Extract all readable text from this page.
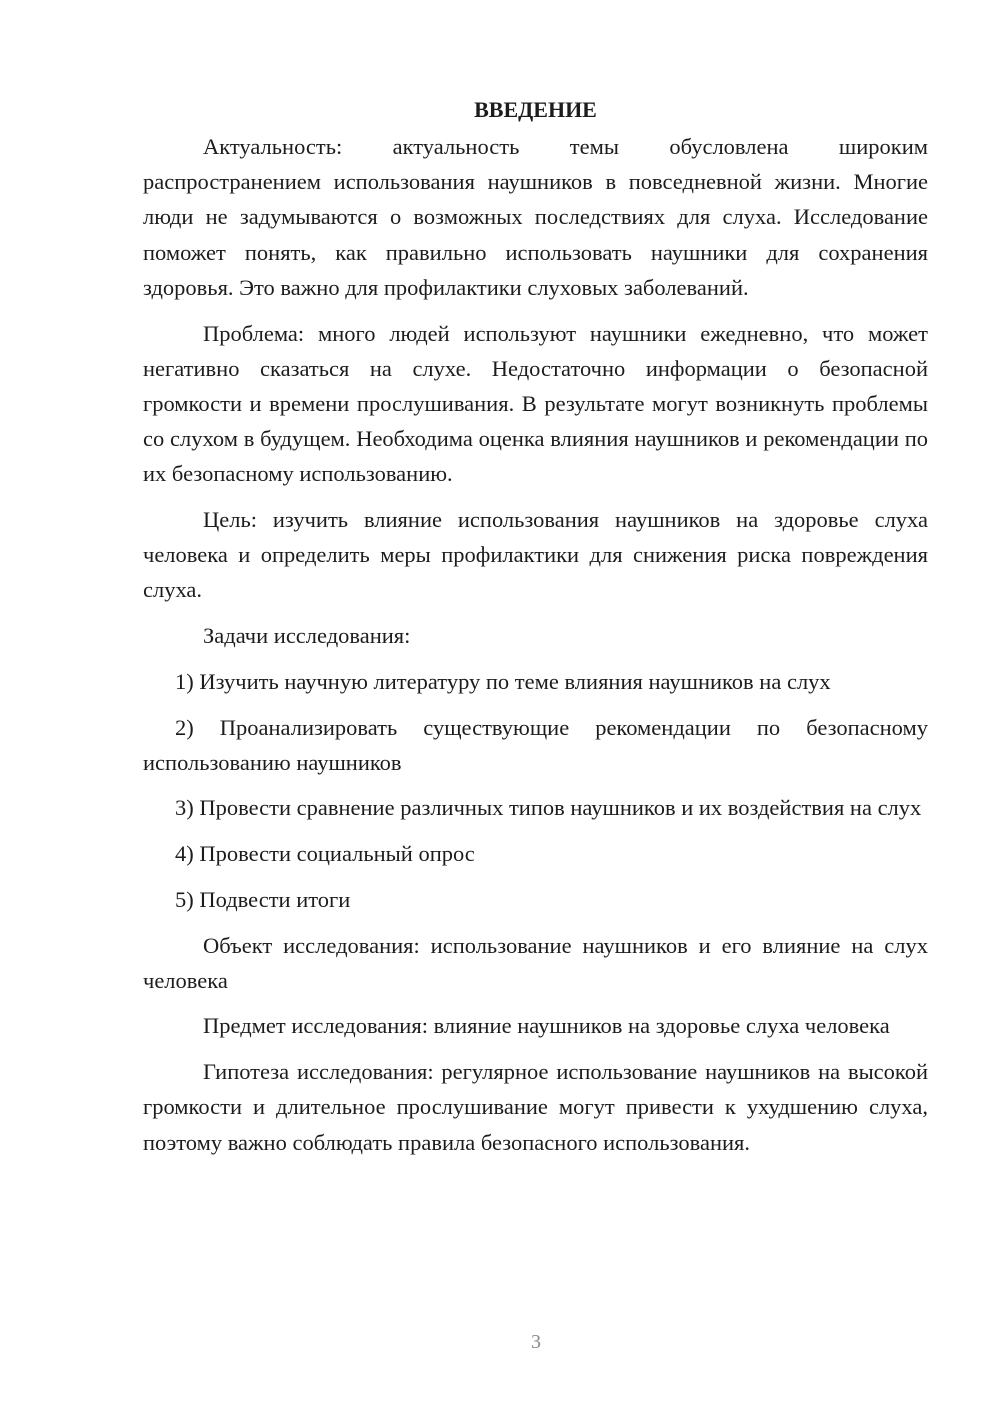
ВВЕДЕНИЕ

Актуальность: актуальность темы обусловлена широким распространением использования наушников в повседневной жизни. Многие люди не задумываются о возможных последствиях для слуха. Исследование поможет понять, как правильно использовать наушники для сохранения здоровья. Это важно для профилактики слуховых заболеваний.

Проблема: много людей используют наушники ежедневно, что может негативно сказаться на слухе. Недостаточно информации о безопасной громкости и времени прослушивания. В результате могут возникнуть проблемы со слухом в будущем. Необходима оценка влияния наушников и рекомендации по их безопасному использованию.

Цель: изучить влияние использования наушников на здоровье слуха человека и определить меры профилактики для снижения риска повреждения слуха.

Задачи исследования:

1) Изучить научную литературу по теме влияния наушников на слух

2) Проанализировать существующие рекомендации по безопасному использованию наушников

3) Провести сравнение различных типов наушников и их воздействия на слух

4) Провести социальный опрос

5) Подвести итоги

Объект исследования: использование наушников и его влияние на слух человека

Предмет исследования: влияние наушников на здоровье слуха человека

Гипотеза исследования: регулярное использование наушников на высокой громкости и длительное прослушивание могут привести к ухудшению слуха, поэтому важно соблюдать правила безопасного использования.

3
